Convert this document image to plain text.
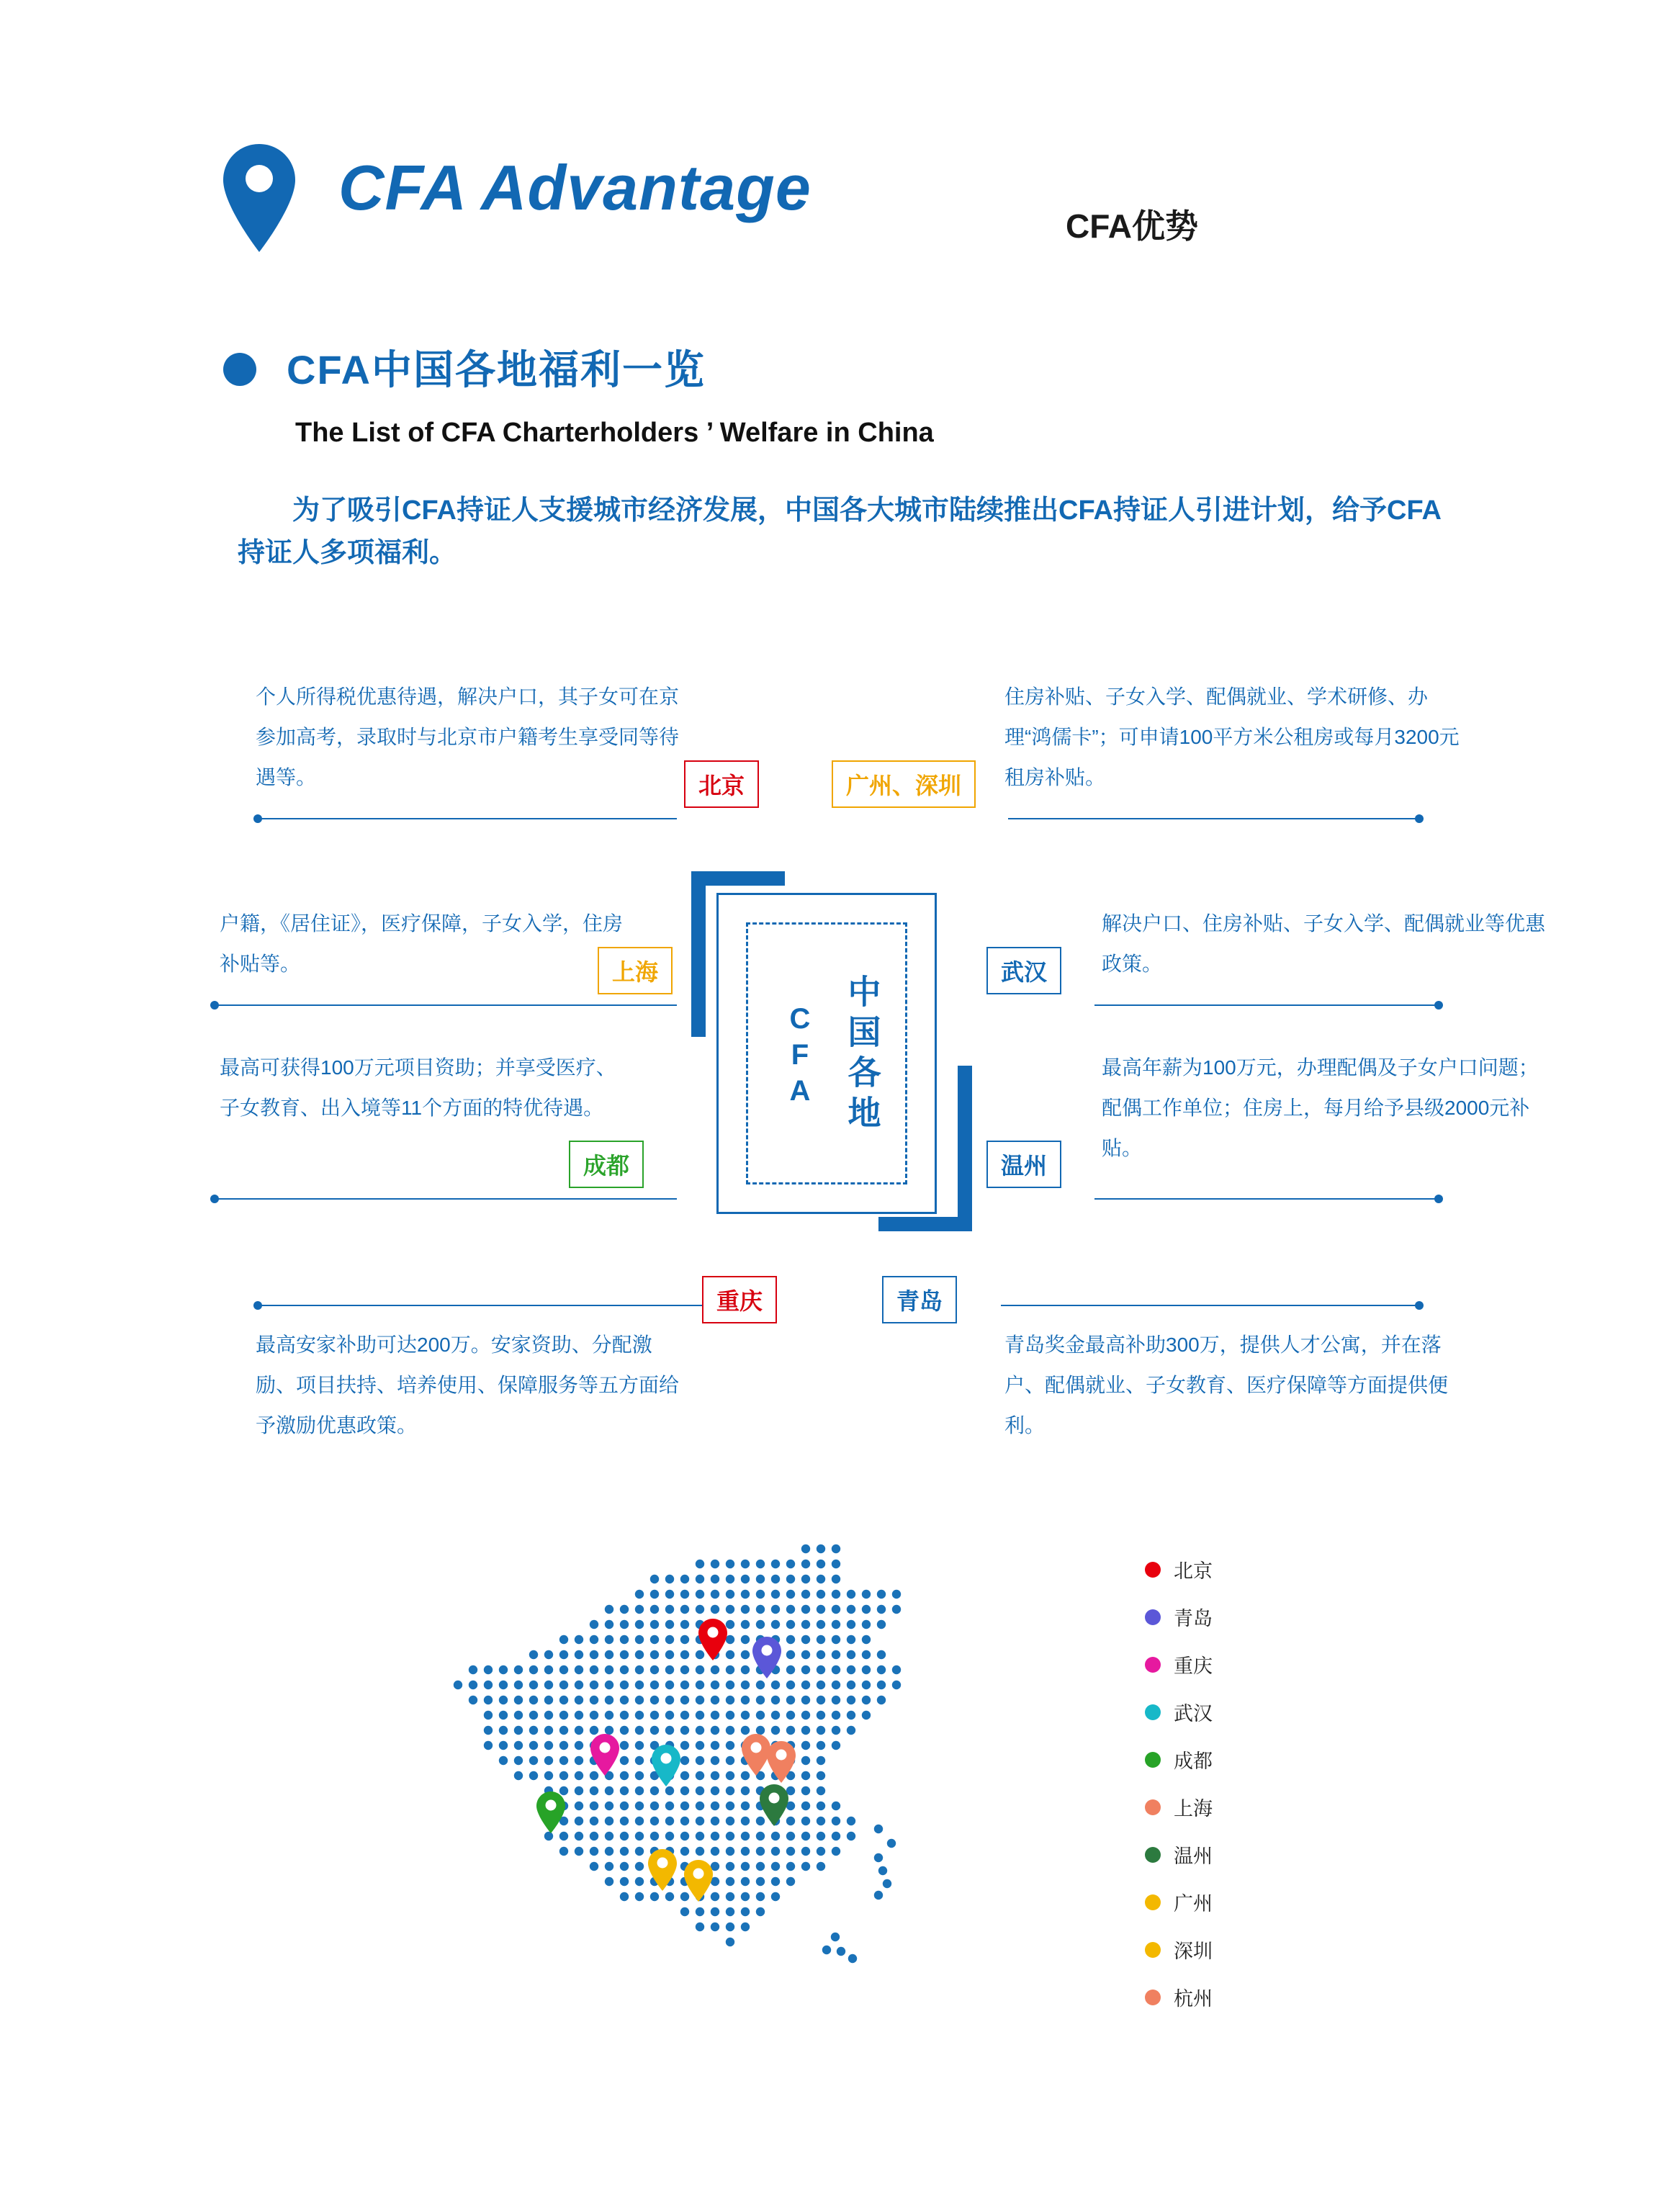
CFA Advantage
CFA优势
CFA中国各地福利一览
The List of CFA Charterholders ’ Welfare in China
为了吸引CFA持证人支援城市经济发展，中国各大城市陆续推出CFA持证人引进计划，给予CFA持证人多项福利。
CFA 中国各地
个人所得税优惠待遇，解决户口，其子女可在京参加高考，录取时与北京市户籍考生享受同等待遇等。	北京
住房补贴、子女入学、配偶就业、学术研修、办理“鸿儒卡”；可申请100平方米公租房或每月3200元租房补贴。
广州、深圳
户籍，《居住证》，医疗保障，子女入学，住房补贴等。	上海
解决户口、住房补贴、子女入学、配偶就业等优惠政策。
武汉
最高可获得100万元项目资助；并享受医疗、子女教育、出入境等11个方面的特优待遇。
成都
最高年薪为100万元，办理配偶及子女户口问题；配偶工作单位；住房上，每月给予县级2000元补贴。
温州
重庆
最高安家补助可达200万。安家资助、分配激励、项目扶持、培养使用、保障服务等五方面给予激励优惠政策。
青岛
青岛奖金最高补助300万，提供人才公寓，并在落户、配偶就业、子女教育、医疗保障等方面提供便利。
北京
青岛
重庆
武汉
成都
上海
温州
广州
深圳
杭州
